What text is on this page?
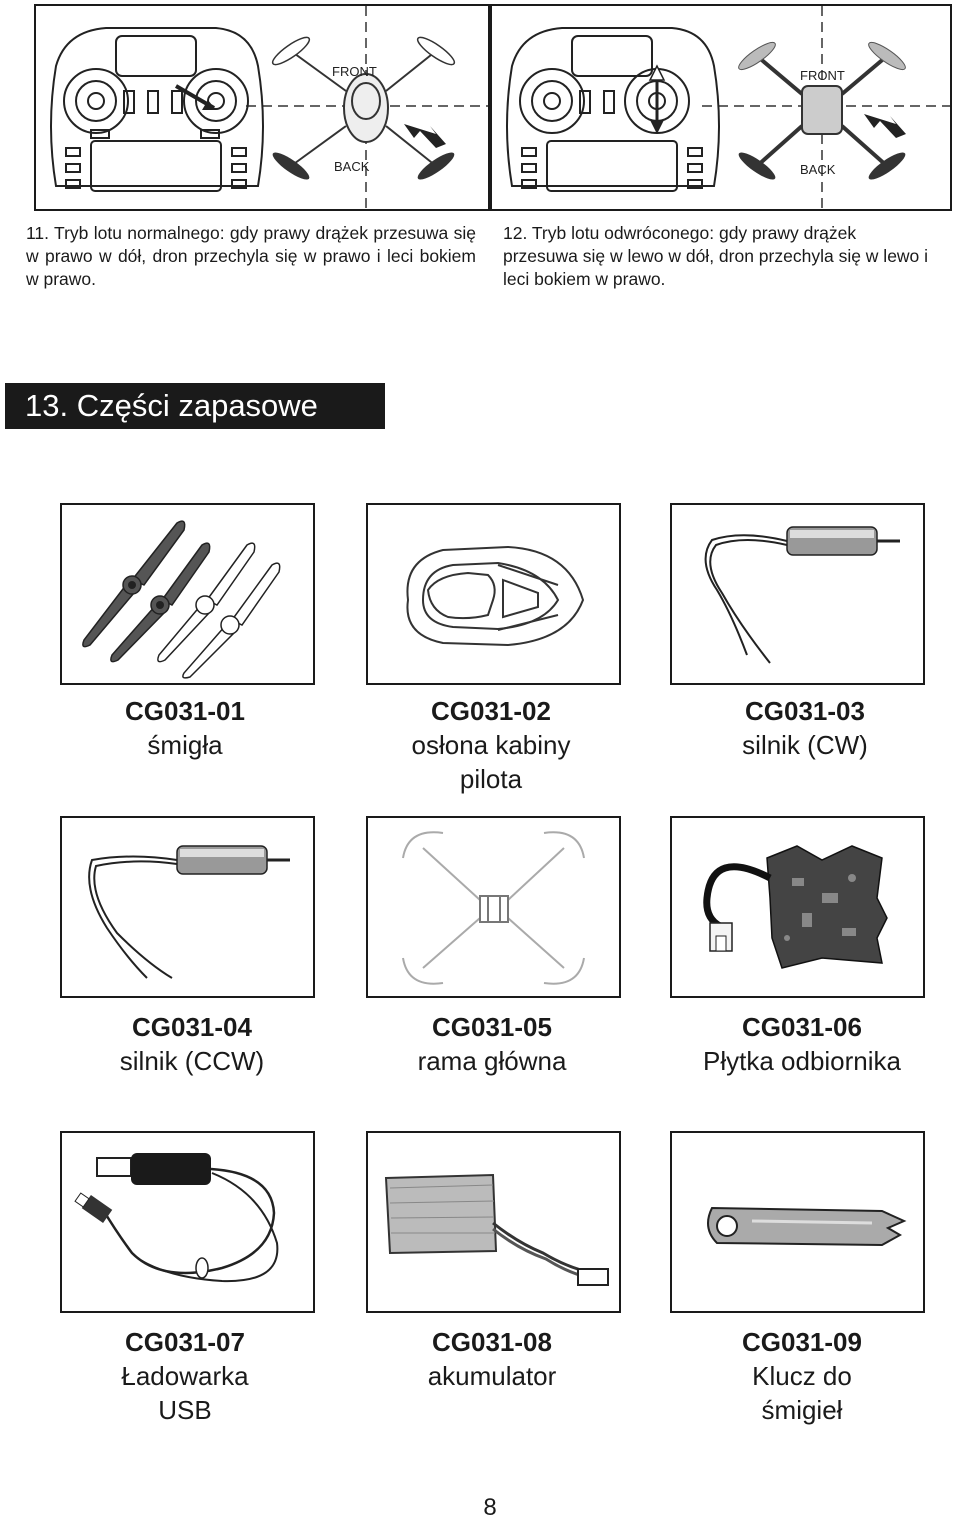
FRONT
BACK
FRONT
BACK
11. Tryb lotu normalnego: gdy prawy drążek przesuwa się w prawo w dół, dron przechyla się w prawo i leci bokiem w prawo.
12. Tryb lotu odwróconego: gdy prawy drążek przesuwa się w lewo w dół, dron przechyla się w lewo i leci bokiem w prawo.
13. Części zapasowe
CG031-01
śmigła
CG031-02
osłona kabiny pilota
CG031-03
silnik (CW)
CG031-04
silnik (CCW)
CG031-05
rama główna
CG031-06
Płytka odbiornika
CG031-07
Ładowarka USB
CG031-08
akumulator
CG031-09
Klucz do śmigieł
8
